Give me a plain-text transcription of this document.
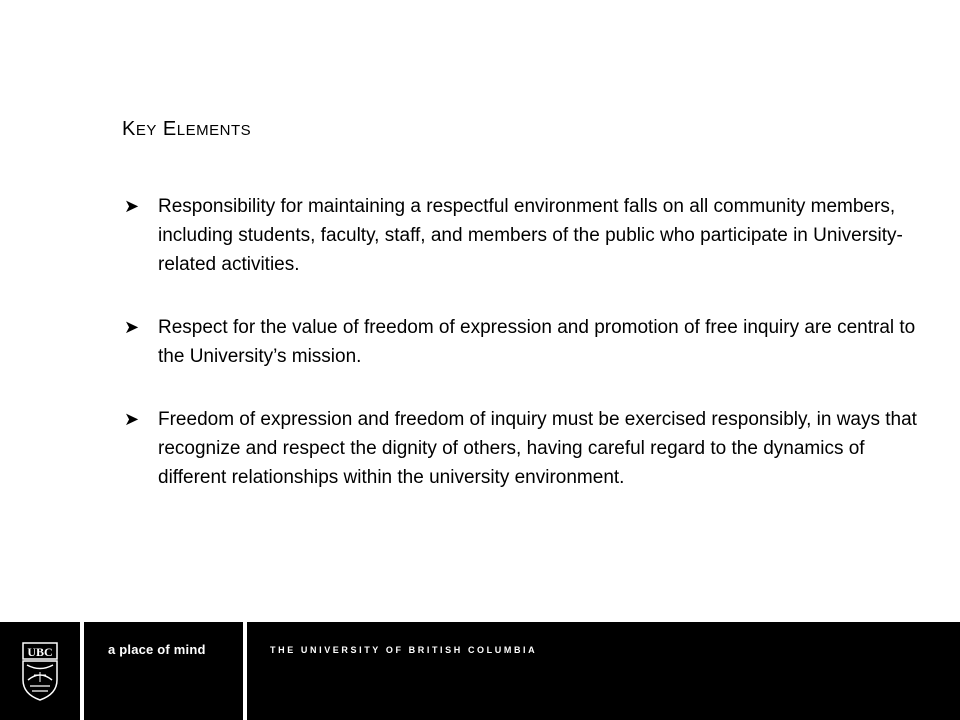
KEY ELEMENTS
➤ Responsibility for maintaining a respectful environment falls on all community members, including students, faculty, staff, and members of the public who participate in University-related activities.
➤ Respect for the value of freedom of expression and promotion of free inquiry are central to the University’s mission.
➤ Freedom of expression and freedom of inquiry must be exercised responsibly, in ways that recognize and respect the dignity of others, having careful regard to the dynamics of different relationships within the university environment.
UBC	a place of mind	THE UNIVERSITY OF BRITISH COLUMBIA
